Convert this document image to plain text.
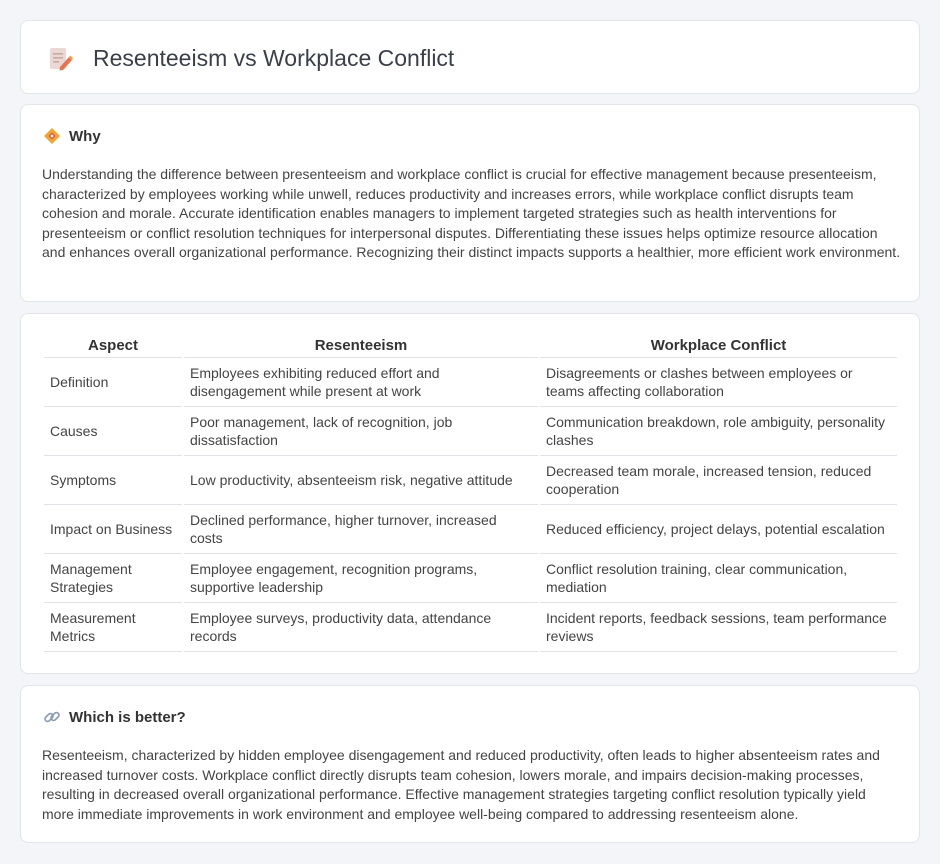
Resenteeism vs Workplace Conflict
Why

Understanding the difference between presenteeism and workplace conflict is crucial for effective management because presenteeism, characterized by employees working while unwell, reduces productivity and increases errors, while workplace conflict disrupts team cohesion and morale. Accurate identification enables managers to implement targeted strategies such as health interventions for presenteeism or conflict resolution techniques for interpersonal disputes. Differentiating these issues helps optimize resource allocation and enhances overall organizational performance. Recognizing their distinct impacts supports a healthier, more efficient work environment.

Aspect	Resenteeism	Workplace Conflict
Definition	Employees exhibiting reduced effort and disengagement while present at work	Disagreements or clashes between employees or teams affecting collaboration
Causes	Poor management, lack of recognition, job dissatisfaction	Communication breakdown, role ambiguity, personality clashes
Symptoms	Low productivity, absenteeism risk, negative attitude	Decreased team morale, increased tension, reduced cooperation
Impact on Business	Declined performance, higher turnover, increased costs	Reduced efficiency, project delays, potential escalation
Management Strategies	Employee engagement, recognition programs, supportive leadership	Conflict resolution training, clear communication, mediation
Measurement Metrics	Employee surveys, productivity data, attendance records	Incident reports, feedback sessions, team performance reviews
Which is better?

Resenteeism, characterized by hidden employee disengagement and reduced productivity, often leads to higher absenteeism rates and increased turnover costs. Workplace conflict directly disrupts team cohesion, lowers morale, and impairs decision-making processes, resulting in decreased overall organizational performance. Effective management strategies targeting conflict resolution typically yield more immediate improvements in work environment and employee well-being compared to addressing resenteeism alone.
